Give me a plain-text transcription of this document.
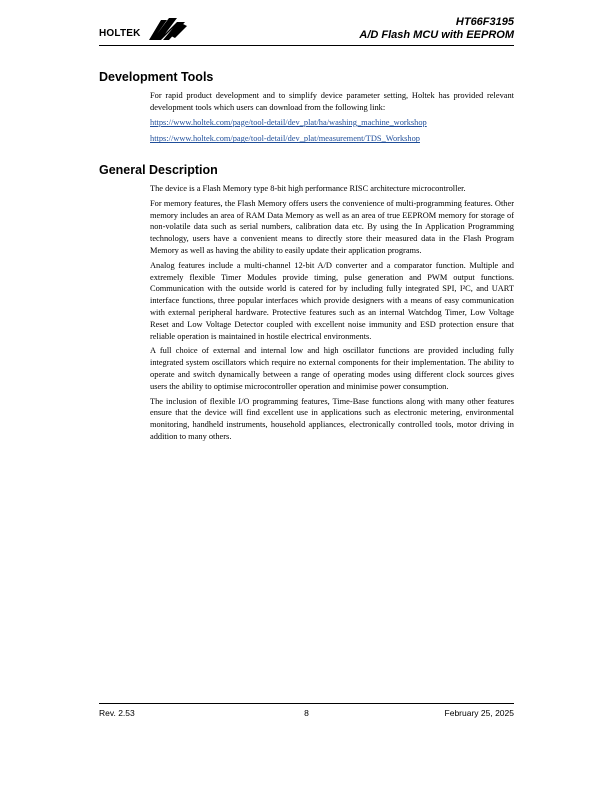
HOLTEK
HT66F3195
A/D Flash MCU with EEPROM
Development Tools

For rapid product development and to simplify device parameter setting, Holtek has provided relevant development tools which users can download from the following link:

https://www.holtek.com/page/tool-detail/dev_plat/ha/washing_machine_workshop
https://www.holtek.com/page/tool-detail/dev_plat/measurement/TDS_Workshop
General Description

The device is a Flash Memory type 8-bit high performance RISC architecture microcontroller.

For memory features, the Flash Memory offers users the convenience of multi-programming features. Other memory includes an area of RAM Data Memory as well as an area of true EEPROM memory for storage of non-volatile data such as serial numbers, calibration data etc. By using the In Application Programming technology, users have a convenient means to directly store their measured data in the Flash Program Memory as well as having the ability to easily update their application programs.

Analog features include a multi-channel 12-bit A/D converter and a comparator function. Multiple and extremely flexible Timer Modules provide timing, pulse generation and PWM output functions. Communication with the outside world is catered for by including fully integrated SPI, I²C, and UART interface functions, three popular interfaces which provide designers with a means of easy communication with external peripheral hardware. Protective features such as an internal Watchdog Timer, Low Voltage Reset and Low Voltage Detector coupled with excellent noise immunity and ESD protection ensure that reliable operation is maintained in hostile electrical environments.

A full choice of external and internal low and high oscillator functions are provided including fully integrated system oscillators which require no external components for their implementation. The ability to operate and switch dynamically between a range of operating modes using different clock sources gives users the ability to optimise microcontroller operation and minimise power consumption.

The inclusion of flexible I/O programming features, Time-Base functions along with many other features ensure that the device will find excellent use in applications such as electronic metering, environmental monitoring, handheld instruments, household appliances, electronically controlled tools, motor driving in addition to many others.

Rev. 2.53	8	February 25, 2025
